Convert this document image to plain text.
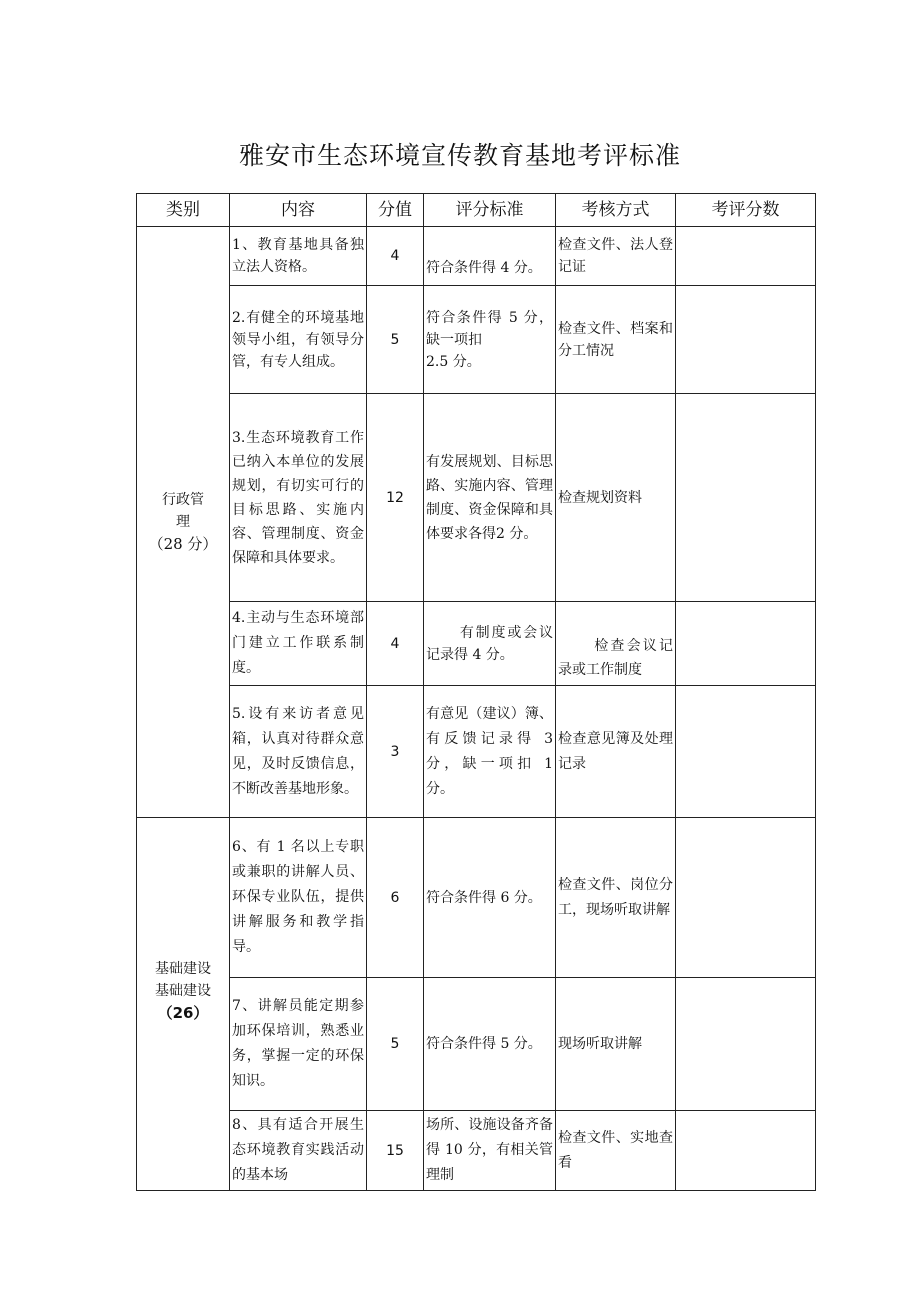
雅安市生态环境宣传教育基地考评标准
类别	内容	分值	评分标准	考核方式	考评分数
行政管
理

（28 分）	1、教育基地具备独立法人资格。	4	符合条件得 4 分。	检查文件、法人登记证	
	2.有健全的环境基地领导小组，有领导分管，有专人组成。	5	符合条件得 5 分，缺一项扣
2.5 分。	检查文件、档案和分工情况	
	3.生态环境教育工作已纳入本单位的发展规划，有切实可行的目标思路、实施内容、管理制度、资金保障和具体要求。	12	有发展规划、目标思路、实施内容、管理制度、资金保障和具体要求各得2 分。	检查规划资料	
	4.主动与生态环境部门建立工作联系制度。	4	有制度或会议记录得 4 分。	检查会议记录或工作制度	
	5.设有来访者意见箱，认真对待群众意见，及时反馈信息，不断改善基地形象。	3	有意见（建议）簿、有反馈记录得 3 分，缺一项扣 1 分。	检查意见簿及处理记录	
基础建设
基础建设

（26）	6、有 1 名以上专职或兼职的讲解人员、环保专业队伍，提供讲解服务和教学指导。	6	符合条件得 6 分。	检查文件、岗位分工，现场听取讲解	
	7、讲解员能定期参加环保培训，熟悉业务，掌握一定的环保知识。	5	符合条件得 5 分。	现场听取讲解	
	8、具有适合开展生态环境教育实践活动的基本场	15	场所、设施设备齐备得 10 分，有相关管理制	检查文件、实地查看	
